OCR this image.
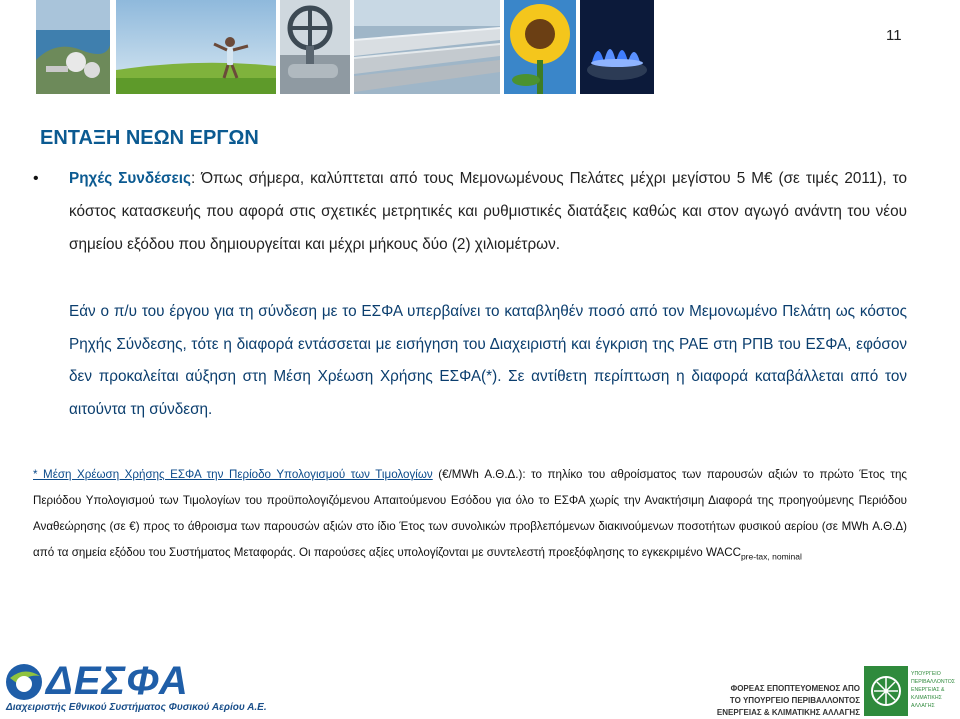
11
ΕΝΤΑΞΗ ΝΕΩΝ ΕΡΓΩΝ
• Ρηχές Συνδέσεις: Όπως σήμερα, καλύπτεται από τους Μεμονωμένους Πελάτες μέχρι μεγίστου 5 Μ€ (σε τιμές 2011), το κόστος κατασκευής που αφορά στις σχετικές μετρητικές και ρυθμιστικές διατάξεις καθώς και στον αγωγό ανάντη του νέου σημείου εξόδου που δημιουργείται και μέχρι μήκους δύο (2) χιλιομέτρων.

Εάν ο π/υ του έργου για τη σύνδεση με το ΕΣΦΑ υπερβαίνει το καταβληθέν ποσό από τον Μεμονωμένο Πελάτη ως κόστος Ρηχής Σύνδεσης, τότε η διαφορά εντάσσεται με εισήγηση του Διαχειριστή και έγκριση της ΡΑΕ στη ΡΠΒ του ΕΣΦΑ, εφόσον δεν προκαλείται αύξηση στη Μέση Χρέωση Χρήσης ΕΣΦΑ(*). Σε αντίθετη περίπτωση η διαφορά καταβάλλεται από τον αιτούντα τη σύνδεση.

* Μέση Χρέωση Χρήσης ΕΣΦΑ την Περίοδο Υπολογισμού των Τιμολογίων (€/MWh Α.Θ.Δ.): το πηλίκο του αθροίσματος των παρουσών αξιών το πρώτο Έτος της Περιόδου Υπολογισμού των Τιμολογίων του προϋπολογιζόμενου Απαιτούμενου Εσόδου για όλο το ΕΣΦΑ χωρίς την Ανακτήσιμη Διαφορά της προηγούμενης Περιόδου Αναθεώρησης (σε €) προς το άθροισμα των παρουσών αξιών στο ίδιο Έτος των συνολικών προβλεπόμενων διακινούμενων ποσοτήτων φυσικού αερίου (σε MWh Α.Θ.Δ) από τα σημεία εξόδου του Συστήματος Μεταφοράς. Οι παρούσες αξίες υπολογίζονται με συντελεστή προεξόφλησης το εγκεκριμένο $WACC_{pre-tax, nominal}$

ΔΕΣΦΑ
Διαχειριστής Εθνικού Συστήματος Φυσικού Αερίου Α.Ε.
ΦΟΡΕΑΣ ΕΠΟΠΤΕΥΟΜΕΝΟΣ ΑΠΟ
ΤΟ ΥΠΟΥΡΓΕΙΟ ΠΕΡΙΒΑΛΛΟΝΤΟΣ
ΕΝΕΡΓΕΙΑΣ & ΚΛΙΜΑΤΙΚΗΣ ΑΛΛΑΓΗΣ
ΥΠΟΥΡΓΕΙΟ
ΠΕΡΙΒΑΛΛΟΝΤΟΣ
ΕΝΕΡΓΕΙΑΣ &
ΚΛΙΜΑΤΙΚΗΣ
ΑΛΛΑΓΗΣ
